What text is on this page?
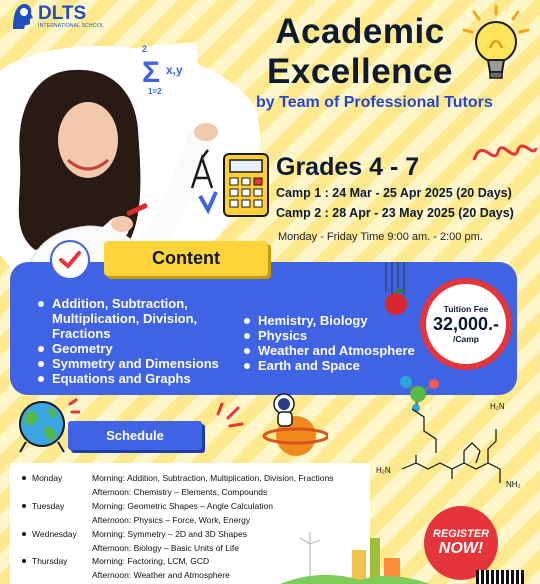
DLTS
INTERNATIONAL SCHOOL
2
Σ x,y
1=2
Academic
Excellence
by Team of Professional Tutors
Grades 4 - 7
Camp 1 : 24 Mar - 25 Apr 2025 (20 Days)
Camp 2 : 28 Apr - 23 May 2025 (20 Days)
Monday - Friday Time 9:00 am. - 2:00 pm.
Content
Addition, Subtraction, Multiplication, Division, Fractions
Geometry
Symmetry and Dimensions
Equations and Graphs
Hemistry, Biology
Physics
Weather and Atmosphere
Earth and Space
Tuition Fee
32,000.-
/Camp
H₂N
H₂N
NH₂
Schedule
Monday	Morning: Addition, Subtraction, Multiplication, Division, Fractions
Afternoon: Chemistry – Elements, Compounds
Tuesday	Morning: Geometric Shapes – Angle Calculation
Afternoon: Physics – Force, Work, Energy
Wednesday Morning: Symmetry – 2D and 3D Shapes
Afternoon: Biology – Basic Units of Life
Thursday	Morning: Factoring, LCM, GCD
Afternoon: Weather and Atmosphere
REGISTER
NOW!
